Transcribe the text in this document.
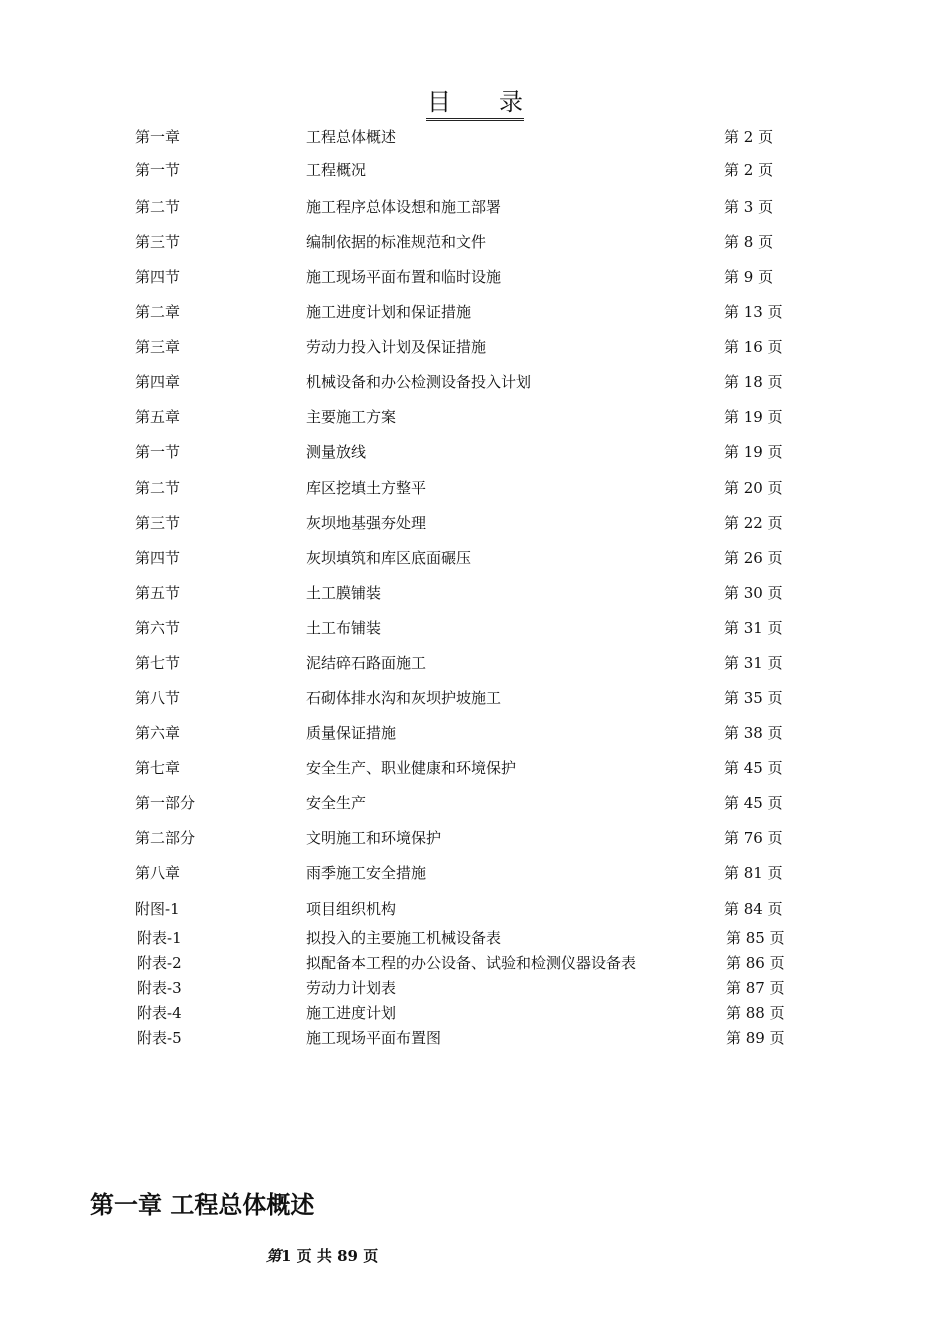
目　　录
第一章	工程总体概述	第 2 页
第一节	工程概况	第 2 页
第二节	施工程序总体设想和施工部署	第 3 页
第三节	编制依据的标准规范和文件	第 8 页
第四节	施工现场平面布置和临时设施	第 9 页
第二章	施工进度计划和保证措施	第 13 页
第三章	劳动力投入计划及保证措施	第 16 页
第四章	机械设备和办公检测设备投入计划	第 18 页
第五章	主要施工方案	第 19 页
第一节	测量放线	第 19 页
第二节	库区挖填土方整平	第 20 页
第三节	灰坝地基强夯处理	第 22 页
第四节	灰坝填筑和库区底面碾压	第 26 页
第五节	土工膜铺装	第 30 页
第六节	土工布铺装	第 31 页
第七节	泥结碎石路面施工	第 31 页
第八节	石砌体排水沟和灰坝护坡施工	第 35 页
第六章	质量保证措施	第 38 页
第七章	安全生产、职业健康和环境保护	第 45 页
第一部分	安全生产	第 45 页
第二部分	文明施工和环境保护	第 76 页
第八章	雨季施工安全措施	第 81 页
附图-1	项目组织机构	第 84 页
附表-1	拟投入的主要施工机械设备表	第 85 页
附表-2	拟配备本工程的办公设备、试验和检测仪器设备表	第 86 页
附表-3	劳动力计划表	第 87 页
附表-4	施工进度计划	第 88 页
附表-5	施工现场平面布置图	第 89 页
第一章 工程总体概述
第1 页 共 89 页
